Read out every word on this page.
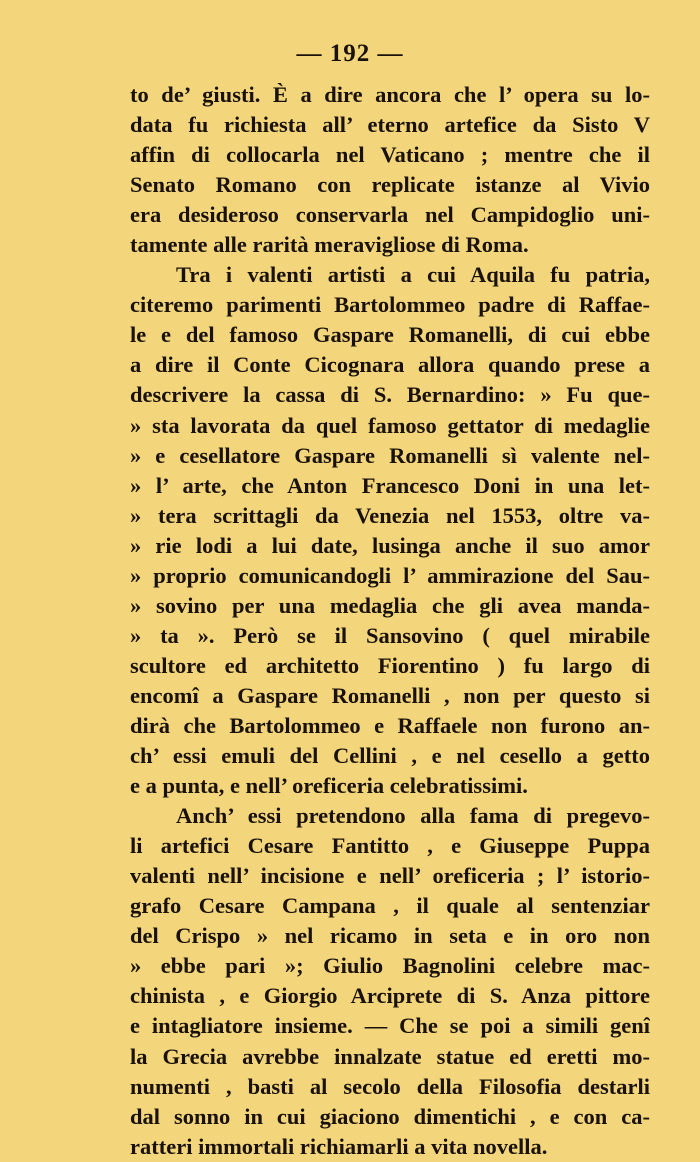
— 192 —
to de’ giusti. È a dire ancora che l’ opera su lo-
data fu richiesta all’ eterno artefice da Sisto V
affin di collocarla nel Vaticano ; mentre che il
Senato Romano con replicate istanze al Vivio
era desideroso conservarla nel Campidoglio uni-
tamente alle rarità meravigliose di Roma.
Tra i valenti artisti a cui Aquila fu patria,
citeremo parimenti Bartolommeo padre di Raffae-
le e del famoso Gaspare Romanelli, di cui ebbe
a dire il Conte Cicognara allora quando prese a
descrivere la cassa di S. Bernardino: » Fu que-
» sta lavorata da quel famoso gettator di medaglie
» e cesellatore Gaspare Romanelli sì valente nel-
» l’ arte, che Anton Francesco Doni in una let-
» tera scrittagli da Venezia nel 1553, oltre va-
» rie lodi a lui date, lusinga anche il suo amor
» proprio comunicandogli l’ ammirazione del Sau-
» sovino per una medaglia che gli avea manda-
» ta ». Però se il Sansovino ( quel mirabile
scultore ed architetto Fiorentino ) fu largo di
encomî a Gaspare Romanelli , non per questo si
dirà che Bartolommeo e Raffaele non furono an-
ch’ essi emuli del Cellini , e nel cesello a getto
e a punta, e nell’ oreficeria celebratissimi.
Anch’ essi pretendono alla fama di pregevo-
li artefici Cesare Fantitto , e Giuseppe Puppa
valenti nell’ incisione e nell’ oreficeria ; l’ istorio-
grafo Cesare Campana , il quale al sentenziar
del Crispo » nel ricamo in seta e in oro non
» ebbe pari »; Giulio Bagnolini celebre mac-
chinista , e Giorgio Arciprete di S. Anza pittore
e intagliatore insieme. — Che se poi a simili genî
la Grecia avrebbe innalzate statue ed eretti mo-
numenti , basti al secolo della Filosofia destarli
dal sonno in cui giaciono dimentichi , e con ca-
ratteri immortali richiamarli a vita novella.
